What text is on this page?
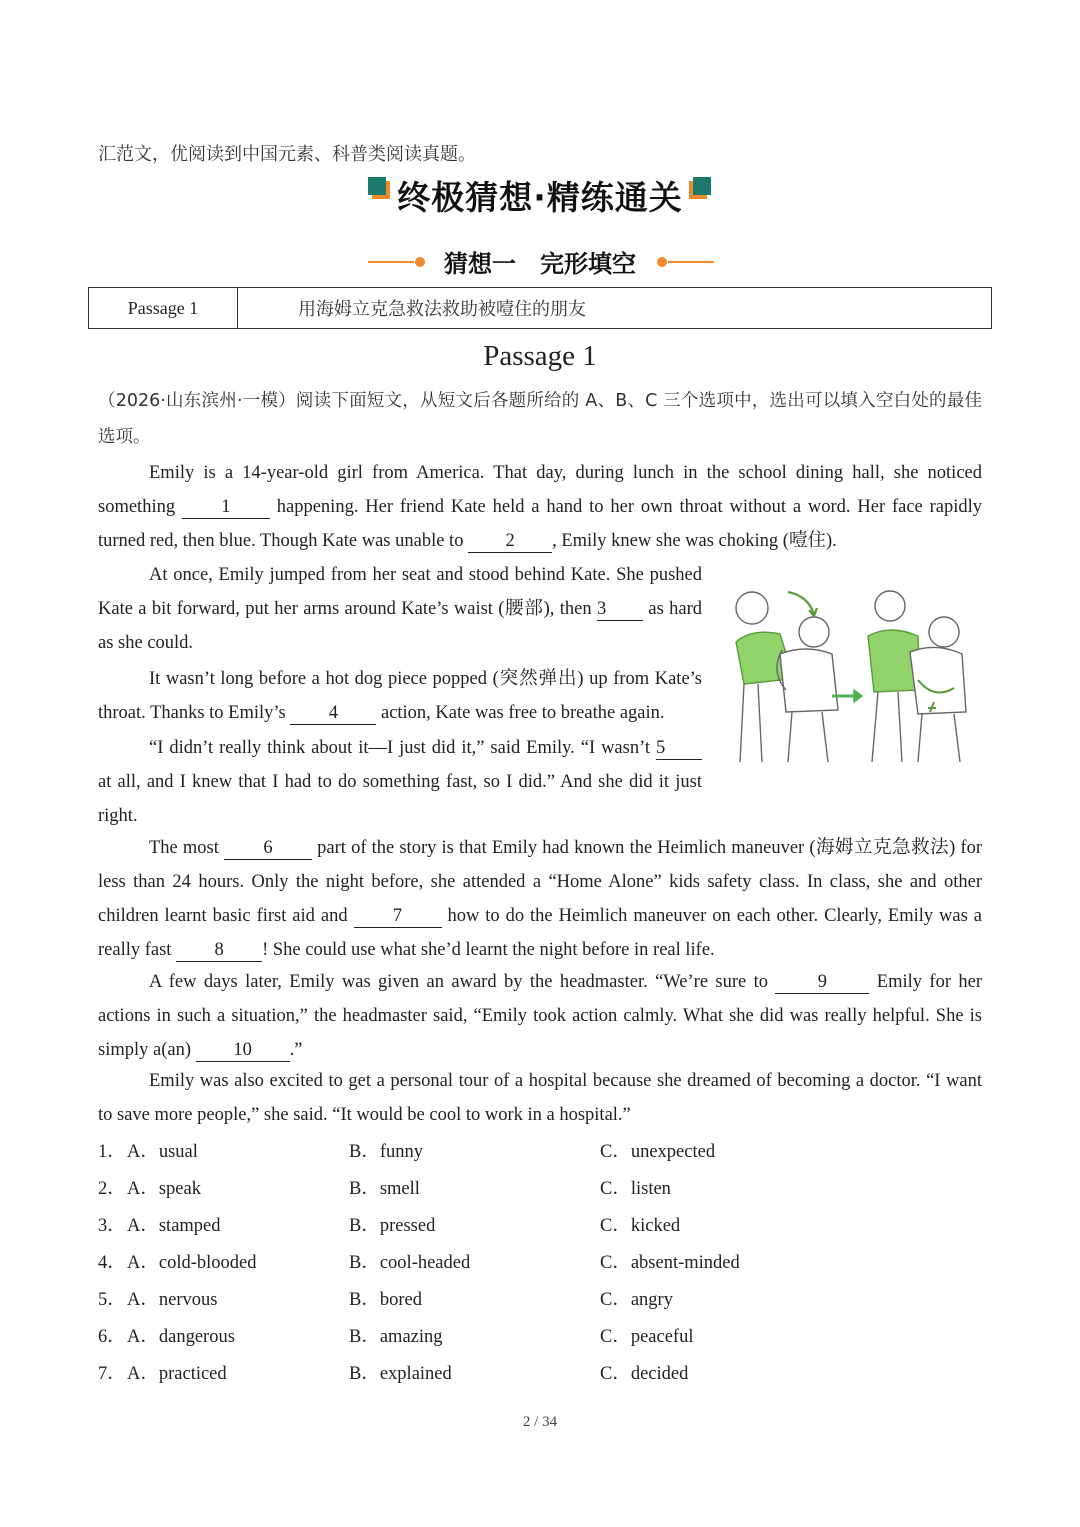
汇范文，优阅读到中国元素、科普类阅读真题。
终极猜想·精练通关
猜想一　完形填空
Passage 1	用海姆立克急救法救助被噎住的朋友
Passage 1
（2026·山东滨州·一模）阅读下面短文，从短文后各题所给的 A、B、C 三个选项中，选出可以填入空白处的最佳选项。
Emily is a 14-year-old girl from America. That day, during lunch in the school dining hall, she noticed something 1 happening. Her friend Kate held a hand to her own throat without a word. Her face rapidly turned red, then blue. Though Kate was unable to 2 , Emily knew she was choking (噎住).
At once, Emily jumped from her seat and stood behind Kate. She pushed Kate a bit forward, put her arms around Kate’s waist (腰部), then 3 as hard as she could.
It wasn’t long before a hot dog piece popped (突然弹出) up from Kate’s throat. Thanks to Emily’s 4 action, Kate was free to breathe again.
“I didn’t really think about it—I just did it,” said Emily. “I wasn’t 5 at all, and I knew that I had to do something fast, so I did.” And she did it just right.
The most 6 part of the story is that Emily had known the Heimlich maneuver (海姆立克急救法) for less than 24 hours. Only the night before, she attended a “Home Alone” kids safety class. In class, she and other children learnt basic first aid and 7 how to do the Heimlich maneuver on each other. Clearly, Emily was a really fast 8 ! She could use what she’d learnt the night before in real life.
A few days later, Emily was given an award by the headmaster. “We’re sure to 9 Emily for her actions in such a situation,” the headmaster said, “Emily took action calmly. What she did was really helpful. She is simply a(an) 10 .”
Emily was also excited to get a personal tour of a hospital because she dreamed of becoming a doctor. “I want to save more people,” she said. “It would be cool to work in a hospital.”
1． A．usual	B．funny	C．unexpected
2． A．speak	B．smell	C．listen
3． A．stamped	B．pressed	C．kicked
4． A．cold-blooded	B．cool-headed	C．absent-minded
5． A．nervous	B．bored	C．angry
6． A．dangerous	B．amazing	C．peaceful
7． A．practiced	B．explained	C．decided
2 / 34
